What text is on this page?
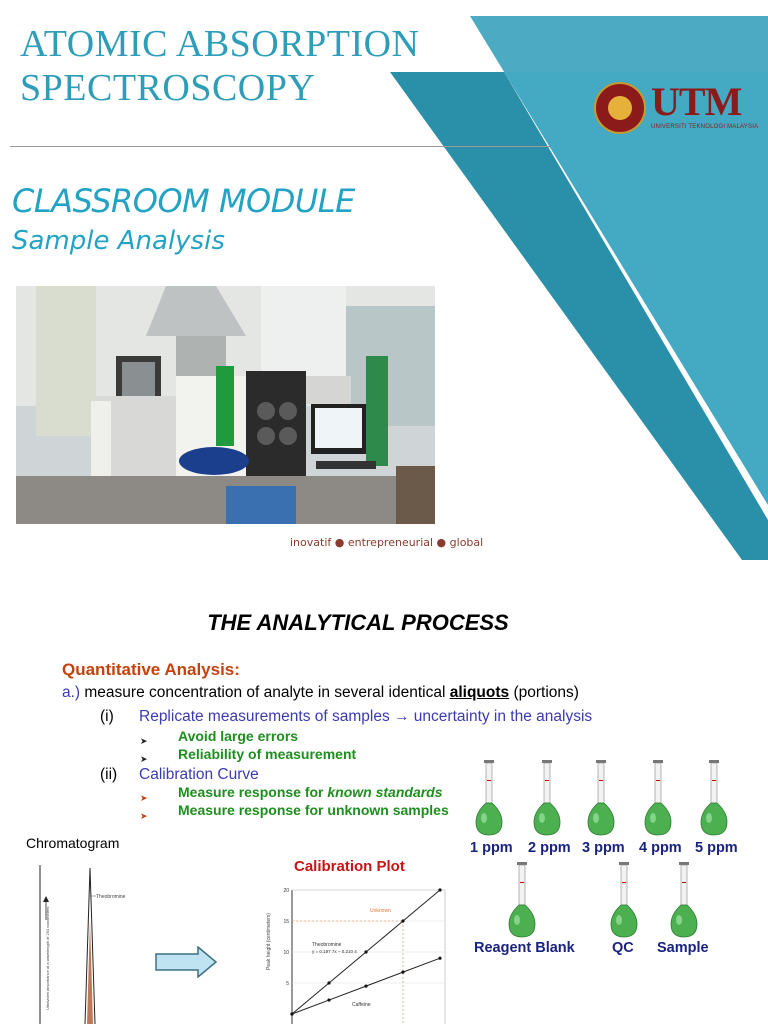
ATOMIC ABSORPTION
SPECTROSCOPY	UTM
UNIVERSITI TEKNOLOGI MALAYSIA
CLASSROOM MODULE
Sample Analysis
inovatif ● entrepreneurial ● global
THE ANALYTICAL PROCESS
Quantitative Analysis:
a.) measure concentration of analyte in several identical aliquots (portions)
(i) Replicate measurements of samples → uncertainty in the analysis
➤ Avoid large errors
➤ Reliability of measurement
(ii) Calibration Curve
➤ Measure response for known standards
➤ Measure response for unknown samples
Chromatogram
Ultraviolet absorbance at a wavelength of 254 nanometers
Theobromine
Calibration Plot
Peak height (centimeters)
20
15
10
5
Unknown
Theobromine
y = 0.197 7x − 0.210 4
Caffeine
1 ppm 2 ppm 3 ppm 4 ppm 5 ppm
Reagent Blank	QC Sample
